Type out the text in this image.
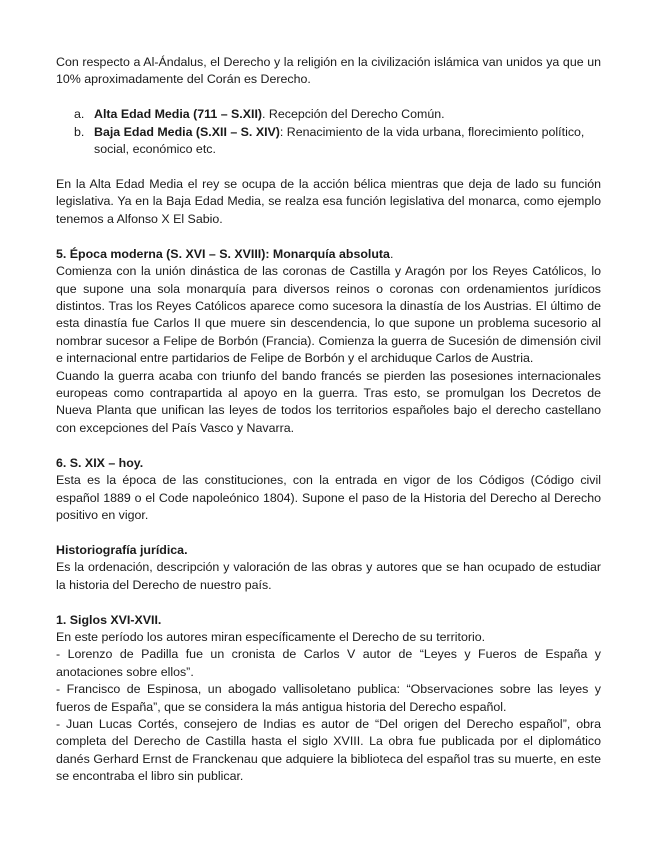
Con respecto a Al-Ándalus, el Derecho y la religión en la civilización islámica van unidos ya que un 10% aproximadamente del Corán es Derecho.

a. Alta Edad Media (711 – S.XII). Recepción del Derecho Común.
b. Baja Edad Media (S.XII – S. XIV): Renacimiento de la vida urbana, florecimiento político, social, económico etc.

En la Alta Edad Media el rey se ocupa de la acción bélica mientras que deja de lado su función legislativa. Ya en la Baja Edad Media, se realza esa función legislativa del monarca, como ejemplo tenemos a Alfonso X El Sabio.

5. Época moderna (S. XVI – S. XVIII): Monarquía absoluta.

Comienza con la unión dinástica de las coronas de Castilla y Aragón por los Reyes Católicos, lo que supone una sola monarquía para diversos reinos o coronas con ordenamientos jurídicos distintos. Tras los Reyes Católicos aparece como sucesora la dinastía de los Austrias. El último de esta dinastía fue Carlos II que muere sin descendencia, lo que supone un problema sucesorio al nombrar sucesor a Felipe de Borbón (Francia). Comienza la guerra de Sucesión de dimensión civil e internacional entre partidarios de Felipe de Borbón y el archiduque Carlos de Austria.

Cuando la guerra acaba con triunfo del bando francés se pierden las posesiones internacionales europeas como contrapartida al apoyo en la guerra. Tras esto, se promulgan los Decretos de Nueva Planta que unifican las leyes de todos los territorios españoles bajo el derecho castellano con excepciones del País Vasco y Navarra.

6. S. XIX – hoy.

Esta es la época de las constituciones, con la entrada en vigor de los Códigos (Código civil español 1889 o el Code napoleónico 1804). Supone el paso de la Historia del Derecho al Derecho positivo en vigor.

Historiografía jurídica.

Es la ordenación, descripción y valoración de las obras y autores que se han ocupado de estudiar la historia del Derecho de nuestro país.

1. Siglos XVI-XVII.

En este período los autores miran específicamente el Derecho de su territorio.

- Lorenzo de Padilla fue un cronista de Carlos V autor de “Leyes y Fueros de España y anotaciones sobre ellos”.

- Francisco de Espinosa, un abogado vallisoletano publica: “Observaciones sobre las leyes y fueros de España”, que se considera la más antigua historia del Derecho español.

- Juan Lucas Cortés, consejero de Indias es autor de “Del origen del Derecho español”, obra completa del Derecho de Castilla hasta el siglo XVIII. La obra fue publicada por el diplomático danés Gerhard Ernst de Franckenau que adquiere la biblioteca del español tras su muerte, en este se encontraba el libro sin publicar.
